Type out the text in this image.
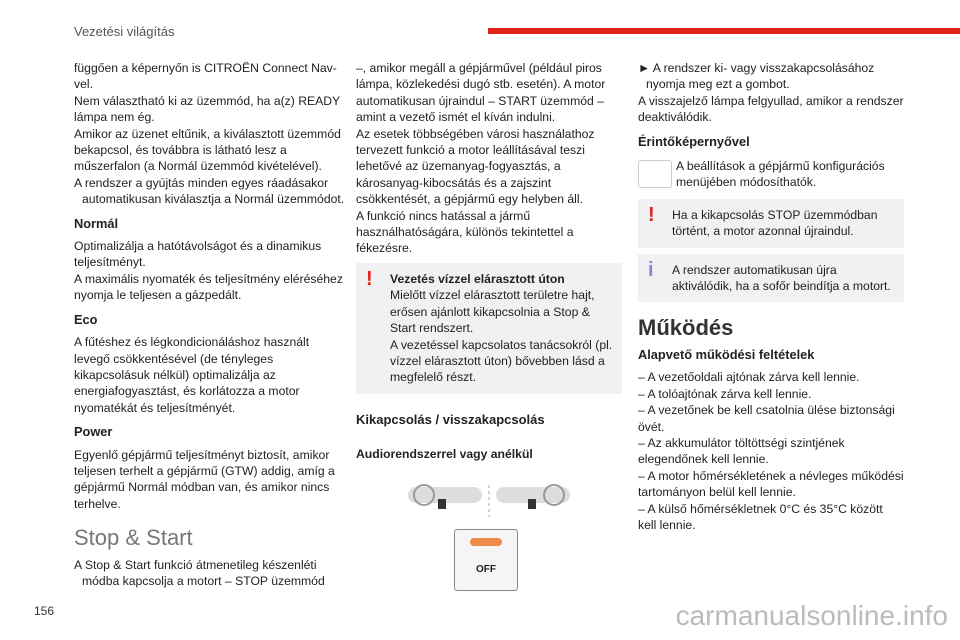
Vezetési világítás

függően a képernyőn is CITROËN Connect Nav-vel.

Nem választható ki az üzemmód, ha a(z) READY lámpa nem ég.

Amikor az üzenet eltűnik, a kiválasztott üzemmód bekapcsol, és továbbra is látható lesz a műszerfalon (a Normál üzemmód kivételével).

A rendszer a gyújtás minden egyes ráadásakor automatikusan kiválasztja a Normál üzemmódot.

Normál

Optimalizálja a hatótávolságot és a dinamikus teljesítményt.

A maximális nyomaték és teljesítmény eléréséhez nyomja le teljesen a gázpedált.

Eco

A fűtéshez és légkondicionáláshoz használt levegő csökkentésével (de tényleges kikapcsolásuk nélkül) optimalizálja az energiafogyasztást, és korlátozza a motor nyomatékát és teljesítményét.

Power

Egyenlő gépjármű teljesítményt biztosít, amikor teljesen terhelt a gépjármű (GTW) addig, amíg a gépjármű Normál módban van, és amikor nincs terhelve.

Stop & Start

A Stop & Start funkció átmenetileg készenléti módba kapcsolja a motort – STOP üzemmód

–, amikor megáll a gépjárművel (például piros lámpa, közlekedési dugó stb. esetén). A motor automatikusan újraindul – START üzemmód – amint a vezető ismét el kíván indulni.

Az esetek többségében városi használathoz tervezett funkció a motor leállításával teszi lehetővé az üzemanyag-fogyasztás, a károsanyag-kibocsátás és a zajszint csökkentését, a gépjármű egy helyben áll.

A funkció nincs hatással a jármű használhatóságára, különös tekintettel a fékezésre.

! Vezetés vízzel elárasztott úton

Mielőtt vízzel elárasztott területre hajt, erősen ajánlott kikapcsolnia a Stop & Start rendszert.

A vezetéssel kapcsolatos tanácsokról (pl. vízzel elárasztott úton) bővebben lásd a megfelelő részt.

Kikapcsolás / visszakapcsolás
Audiorendszerrel vagy anélkül
OFF

► A rendszer ki- vagy visszakapcsolásához nyomja meg ezt a gombot.

A visszajelző lámpa felgyullad, amikor a rendszer deaktiválódik.

Érintőképernyővel

A beállítások a gépjármű konfigurációs menüjében módosíthatók.

! Ha a kikapcsolás STOP üzemmódban történt, a motor azonnal újraindul.

i A rendszer automatikusan újra aktiválódik, ha a sofőr beindítja a motort.

Működés
Alapvető működési feltételek

– A vezetőoldali ajtónak zárva kell lennie.

– A tolóajtónak zárva kell lennie.

– A vezetőnek be kell csatolnia ülése biztonsági övét.

– Az akkumulátor töltöttségi szintjének elegendőnek kell lennie.

– A motor hőmérsékletének a névleges működési tartományon belül kell lennie.

– A külső hőmérsékletnek 0°C és 35°C között kell lennie.

156	carmanualsonline.info
